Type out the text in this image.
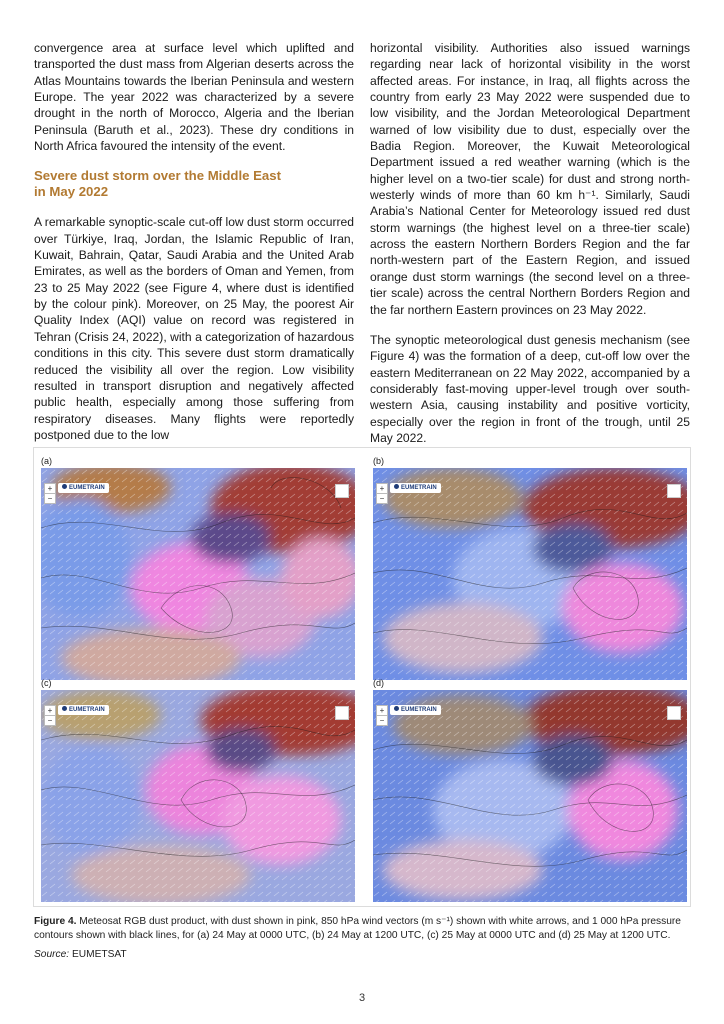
convergence area at surface level which uplifted and transported the dust mass from Algerian deserts across the Atlas Mountains towards the Iberian Peninsula and western Europe. The year 2022 was characterized by a severe drought in the north of Morocco, Algeria and the Iberian Peninsula (Baruth et al., 2023). These dry conditions in North Africa favoured the intensity of the event.

Severe dust storm over the Middle East
in May 2022

A remarkable synoptic-scale cut-off low dust storm occurred over Türkiye, Iraq, Jordan, the Islamic Republic of Iran, Kuwait, Bahrain, Qatar, Saudi Arabia and the United Arab Emirates, as well as the borders of Oman and Yemen, from 23 to 25 May 2022 (see Figure 4, where dust is identified by the colour pink). Moreover, on 25 May, the poorest Air Quality Index (AQI) value on record was registered in Tehran (Crisis 24, 2022), with a categorization of hazardous conditions in this city. This severe dust storm dramatically reduced the visibility all over the region. Low visibility resulted in transport disruption and negatively affected public health, especially among those suffering from respiratory diseases. Many flights were reportedly postponed due to the low

horizontal visibility. Authorities also issued warnings regarding near lack of horizontal visibility in the worst affected areas. For instance, in Iraq, all flights across the country from early 23 May 2022 were suspended due to low visibility, and the Jordan Meteorological Department warned of low visibility due to dust, especially over the Badia Region. Moreover, the Kuwait Meteorological Department issued a red weather warning (which is the higher level on a two-tier scale) for dust and strong north-westerly winds of more than 60 km h⁻¹. Similarly, Saudi Arabia’s National Center for Meteorology issued red dust storm warnings (the highest level on a three-tier scale) across the eastern Northern Borders Region and the far north-western part of the Eastern Region, and issued orange dust storm warnings (the second level on a three-tier scale) across the central Northern Borders Region and the far northern Eastern provinces on 23 May 2022.

The synoptic meteorological dust genesis mechanism (see Figure 4) was the formation of a deep, cut-off low over the eastern Mediterranean on 22 May 2022, accompanied by a considerably fast-moving upper-level trough over south-western Asia, causing instability and positive vorticity, especially over the region in front of the trough, until 25 May 2022.

(a)
+
−
EUMETRAIN
(b)
+
−
EUMETRAIN
(c)
+
−
EUMETRAIN
(d)
+
−
EUMETRAIN
Figure 4. Meteosat RGB dust product, with dust shown in pink, 850 hPa wind vectors (m s⁻¹) shown with white arrows, and 1 000 hPa pressure contours shown with black lines, for (a) 24 May at 0000 UTC, (b) 24 May at 1200 UTC, (c) 25 May at 0000 UTC and (d) 25 May at 1200 UTC.
Source: EUMETSAT
3
